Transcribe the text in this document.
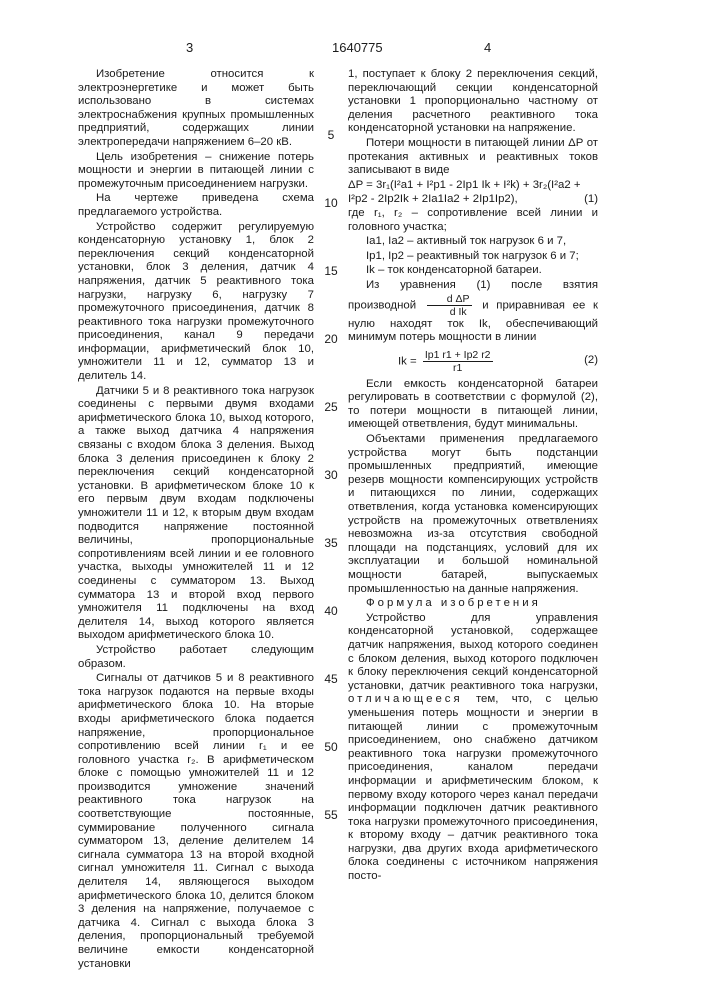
3	1640775	4

Изобретение относится к электроэнергетике и может быть использовано в системах электроснабжения крупных промышленных предприятий, содержащих линии электропередачи напряжением 6–20 кВ.

Цель изобретения – снижение потерь мощности и энергии в питающей линии с промежуточным присоединением нагрузки.

На чертеже приведена схема предлагаемого устройства.

Устройство содержит регулируемую конденсаторную установку 1, блок 2 переключения секций конденсаторной установки, блок 3 деления, датчик 4 напряжения, датчик 5 реактивного тока нагрузки, нагрузку 6, нагрузку 7 промежуточного присоединения, датчик 8 реактивного тока нагрузки промежуточного присоединения, канал 9 передачи информации, арифметический блок 10, умножители 11 и 12, сумматор 13 и делитель 14.

Датчики 5 и 8 реактивного тока нагрузок соединены с первыми двумя входами арифметического блока 10, выход которого, а также выход датчика 4 напряжения связаны с входом блока 3 деления. Выход блока 3 деления присоединен к блоку 2 переключения секций конденсаторной установки. В арифметическом блоке 10 к его первым двум входам подключены умножители 11 и 12, к вторым двум входам подводится напряжение постоянной величины, пропорциональные сопротивлениям всей линии и ее головного участка, выходы умножителей 11 и 12 соединены с сумматором 13. Выход сумматора 13 и второй вход первого умножителя 11 подключены на вход делителя 14, выход которого является выходом арифметического блока 10.

Устройство работает следующим образом.

Сигналы от датчиков 5 и 8 реактивного тока нагрузок подаются на первые входы арифметического блока 10. На вторые входы арифметического блока подается напряжение, пропорциональное сопротивлению всей линии r₁ и ее головного участка r₂. В арифметическом блоке с помощью умножителей 11 и 12 производится умножение значений реактивного тока нагрузок на соответствующие постоянные, суммирование полученного сигнала сумматором 13, деление делителем 14 сигнала сумматора 13 на второй входной сигнал умножителя 11. Сигнал с выхода делителя 14, являющегося выходом арифметического блока 10, делится блоком 3 деления на напряжение, получаемое с датчика 4. Сигнал с выхода блока 3 деления, пропорциональный требуемой величине емкости конденсаторной установки

5
10
15
20
25
30
35
40
45
50
55

1, поступает к блоку 2 переключения секций, переключающий секции конденсаторной установки 1 пропорционально частному от деления расчетного реактивного тока конденсаторной установки на напряжение.

Потери мощности в питающей линии ΔP от протекания активных и реактивных токов записывают в виде

ΔP = 3r₁(I²a1 + I²p1 - 2Ip1 Ik + I²k) + 3r₂(I²a2 +

I²p2 - 2Ip2Ik + 2Ia1Ia2 + 2Ip1Ip2),	(1)

где r₁, r₂ – сопротивление всей линии и головного участка;

Ia1, Ia2 – активный ток нагрузок 6 и 7,

Ip1, Ip2 – реактивный ток нагрузок 6 и 7;

Ik – ток конденсаторной батареи.

Из уравнения (1) после взятия производной
d ΔP
d Ik
и приравнивая ее к нулю находят ток Ik, обеспечивающий минимум потерь мощности в линии

Ik =
Ip1 r1 + Ip2 r2
r1
(2)

Если емкость конденсаторной батареи регулировать в соответствии с формулой (2), то потери мощности в питающей линии, имеющей ответвления, будут минимальны.

Объектами применения предлагаемого устройства могут быть подстанции промышленных предприятий, имеющие резерв мощности компенсирующих устройств и питающихся по линии, содержащих ответвления, когда установка коменсирующих устройств на промежуточных ответвлениях невозможна из-за отсутствия свободной площади на подстанциях, условий для их эксплуатации и большой номинальной мощности батарей, выпускаемых промышленностью на данные напряжения.

Формула изобретения

Устройство для управления конденсаторной установкой, содержащее датчик напряжения, выход которого соединен с блоком деления, выход которого подключен к блоку переключения секций конденсаторной установки, датчик реактивного тока нагрузки, отличающееся тем, что, с целью уменьшения потерь мощности и энергии в питающей линии с промежуточным присоединением, оно снабжено датчиком реактивного тока нагрузки промежуточного присоединения, каналом передачи информации и арифметическим блоком, к первому входу которого через канал передачи информации подключен датчик реактивного тока нагрузки промежуточного присоединения, к второму входу – датчик реактивного тока нагрузки, два других входа арифметического блока соединены с источником напряжения посто-
